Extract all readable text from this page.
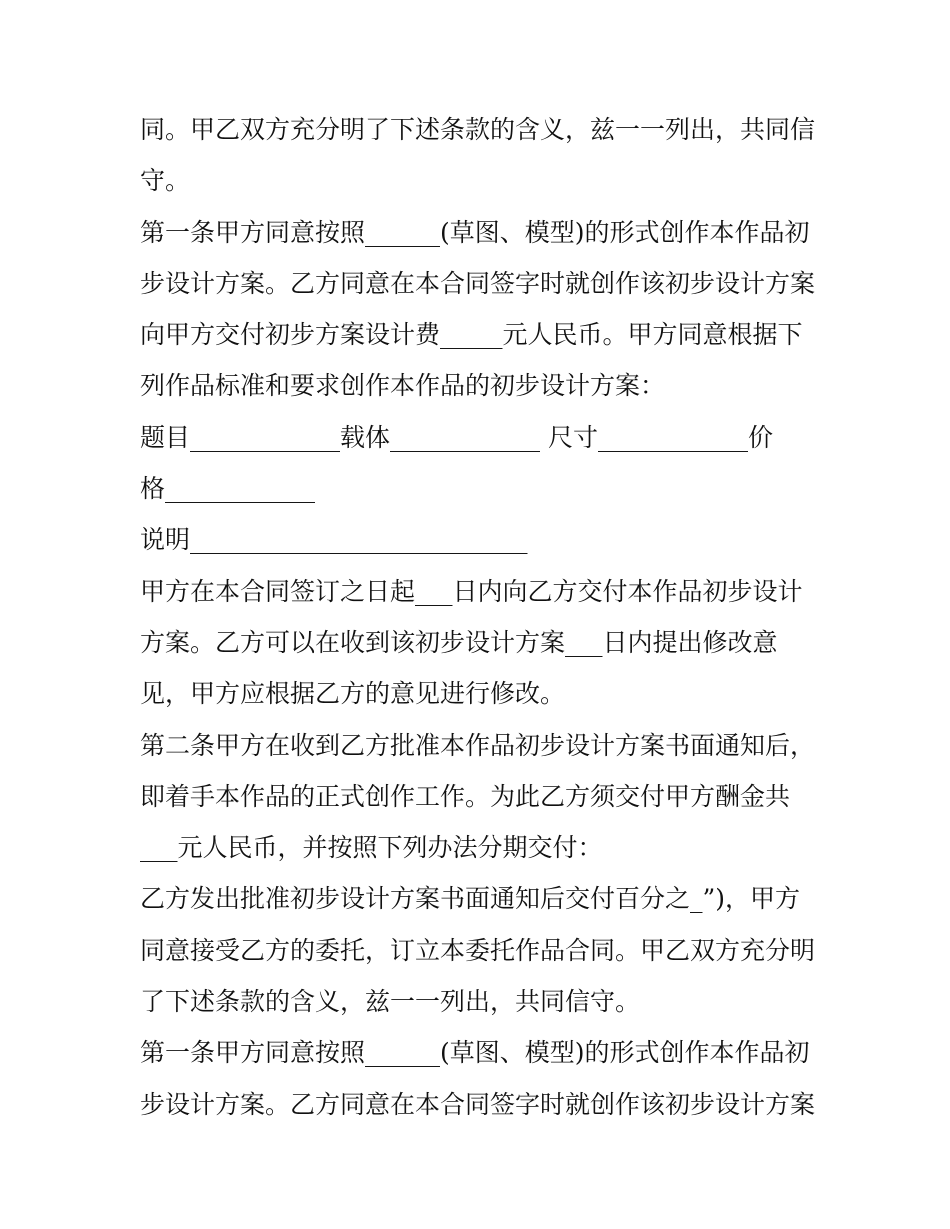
同。甲乙双方充分明了下述条款的含义，兹一一列出，共同信
守。
第一条甲方同意按照______(草图、模型)的形式创作本作品初
步设计方案。乙方同意在本合同签字时就创作该初步设计方案
向甲方交付初步方案设计费_____元人民币。甲方同意根据下
列作品标准和要求创作本作品的初步设计方案：
题目____________载体____________ 尺寸____________价
格____________
说明___________________________
甲方在本合同签订之日起___日内向乙方交付本作品初步设计
方案。乙方可以在收到该初步设计方案___日内提出修改意
见，甲方应根据乙方的意见进行修改。
第二条甲方在收到乙方批准本作品初步设计方案书面通知后，
即着手本作品的正式创作工作。为此乙方须交付甲方酬金共
___元人民币，并按照下列办法分期交付：
乙方发出批准初步设计方案书面通知后交付百分之_”)，甲方
同意接受乙方的委托，订立本委托作品合同。甲乙双方充分明
了下述条款的含义，兹一一列出，共同信守。
第一条甲方同意按照______(草图、模型)的形式创作本作品初
步设计方案。乙方同意在本合同签字时就创作该初步设计方案
